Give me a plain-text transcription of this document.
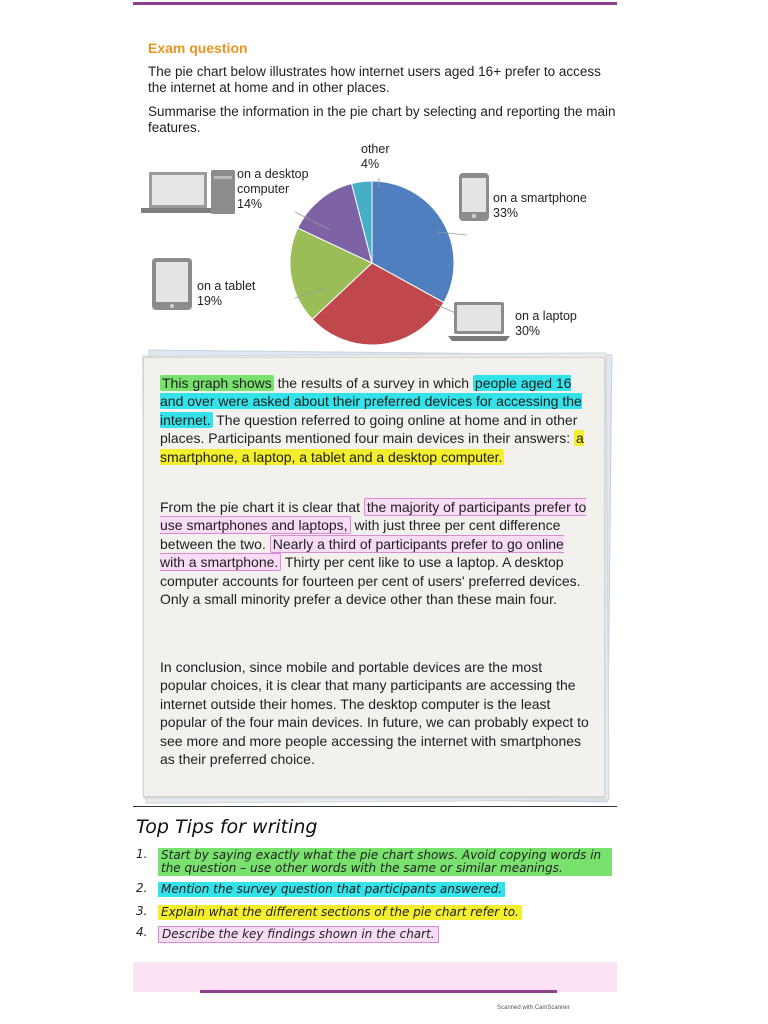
Exam question
The pie chart below illustrates how internet users aged 16+ prefer to access the internet at home and in other places.
Summarise the information in the pie chart by selecting and reporting the main features.
on a desktop
computer
14%
on a tablet
19%
other
4%
on a smartphone
33%
on a laptop
30%
This graph shows the results of a survey in which people aged 16 and over were asked about their preferred devices for accessing the internet. The question referred to going online at home and in other places. Participants mentioned four main devices in their answers: a smartphone, a laptop, a tablet and a desktop computer.
From the pie chart it is clear that the majority of participants prefer to use smartphones and laptops, with just three per cent difference between the two. Nearly a third of participants prefer to go online with a smartphone. Thirty per cent like to use a laptop. A desktop computer accounts for fourteen per cent of users' preferred devices. Only a small minority prefer a device other than these main four.
In conclusion, since mobile and portable devices are the most popular choices, it is clear that many participants are accessing the internet outside their homes. The desktop computer is the least popular of the four main devices. In future, we can probably expect to see more and more people accessing the internet with smartphones as their preferred choice.
Top Tips for writing
1. Start by saying exactly what the pie chart shows. Avoid copying words in the question – use other words with the same or similar meanings.
2. Mention the survey question that participants answered.
3. Explain what the different sections of the pie chart refer to.
4. Describe the key findings shown in the chart.
Scanned with CamScanner
